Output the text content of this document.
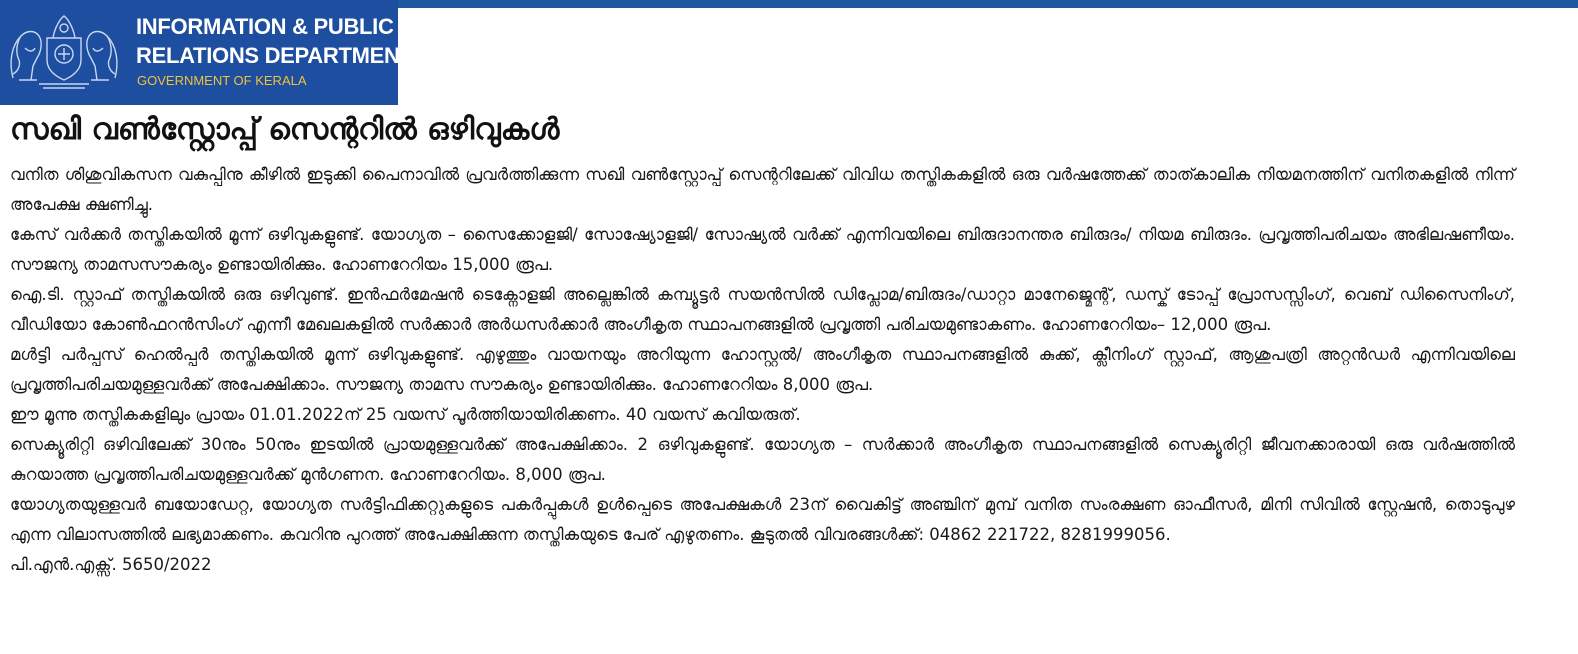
INFORMATION & PUBLIC
RELATIONS DEPARTMENT
GOVERNMENT OF KERALA
സഖി വൺസ്റ്റോപ്പ് സെന്ററിൽ ഒഴിവുകൾ

വനിത ശിശുവികസന വകുപ്പിനു കീഴിൽ ഇടുക്കി പൈനാവിൽ പ്രവർത്തിക്കുന്ന സഖി വൺസ്റ്റോപ്പ് സെന്ററിലേക്ക് വിവിധ തസ്തികകളിൽ ഒരു വർഷത്തേക്ക് താത്കാലിക നിയമനത്തിന് വനിതകളിൽ നിന്ന് അപേക്ഷ ക്ഷണിച്ചു.

കേസ് വർക്കർ തസ്തികയിൽ മൂന്ന് ഒഴിവുകളുണ്ട്. യോഗ്യത – സൈക്കോളജി/ സോഷ്യോളജി/ സോഷ്യൽ വർക്ക് എന്നിവയിലെ ബിരുദാനന്തര ബിരുദം/ നിയമ ബിരുദം. പ്രവൃത്തിപരിചയം അഭിലഷണീയം. സൗജന്യ താമസസൗകര്യം ഉണ്ടായിരിക്കും. ഹോണറേറിയം 15,000 രൂപ.

ഐ.ടി. സ്റ്റാഫ് തസ്തികയിൽ ഒരു ഒഴിവുണ്ട്. ഇൻഫർമേഷൻ ടെക്നോളജി അല്ലെങ്കിൽ കമ്പ്യൂട്ടർ സയൻസിൽ ഡിപ്ലോമ/ബിരുദം/ഡാറ്റാ മാനേജ്മെന്റ്, ഡസ്ക് ടോപ്പ് പ്രോസസ്സിംഗ്, വെബ് ഡിസൈനിംഗ്, വീഡിയോ കോൺഫറൻസിംഗ് എന്നീ മേഖലകളിൽ സർക്കാർ അർധസർക്കാർ അംഗീകൃത സ്ഥാപനങ്ങളിൽ പ്രവൃത്തി പരിചയമുണ്ടാകണം. ഹോണറേറിയം– 12,000 രൂപ.

മൾട്ടി പർപ്പസ് ഹെൽപ്പർ തസ്തികയിൽ മൂന്ന് ഒഴിവുകളുണ്ട്. എഴുത്തും വായനയും അറിയുന്ന ഹോസ്റ്റൽ/ അംഗീകൃത സ്ഥാപനങ്ങളിൽ കുക്ക്, ക്ലീനിംഗ് സ്റ്റാഫ്, ആശുപത്രി അറ്റൻഡർ എന്നിവയിലെ പ്രവൃത്തിപരിചയമുള്ളവർക്ക് അപേക്ഷിക്കാം. സൗജന്യ താമസ സൗകര്യം ഉണ്ടായിരിക്കും. ഹോണറേറിയം 8,000 രൂപ.

ഈ മൂന്നു തസ്തികകളിലും പ്രായം 01.01.2022ന് 25 വയസ് പൂർത്തിയായിരിക്കണം. 40 വയസ് കവിയരുത്.

സെക്യൂരിറ്റി ഒഴിവിലേക്ക് 30നും 50നും ഇടയിൽ പ്രായമുള്ളവർക്ക് അപേക്ഷിക്കാം. 2 ഒഴിവുകളുണ്ട്. യോഗ്യത – സർക്കാർ അംഗീകൃത സ്ഥാപനങ്ങളിൽ സെക്യൂരിറ്റി ജീവനക്കാരായി ഒരു വർഷത്തിൽ കുറയാത്ത പ്രവൃത്തിപരിചയമുള്ളവർക്ക് മുൻഗണന. ഹോണറേറിയം. 8,000 രൂപ.

യോഗ്യതയുള്ളവർ ബയോഡേറ്റ, യോഗ്യത സർട്ടിഫിക്കറ്റുകളുടെ പകർപ്പുകൾ ഉൾപ്പെടെ അപേക്ഷകൾ 23ന് വൈകിട്ട് അഞ്ചിന് മുമ്പ് വനിത സംരക്ഷണ ഓഫീസർ, മിനി സിവിൽ സ്റ്റേഷൻ, തൊടുപുഴ എന്ന വിലാസത്തിൽ ലഭ്യമാക്കണം. കവറിനു പുറത്ത് അപേക്ഷിക്കുന്ന തസ്തികയുടെ പേര് എഴുതണം. കൂടുതൽ വിവരങ്ങൾക്ക്: 04862 221722, 8281999056.

പി.എൻ.എക്സ്. 5650/2022
